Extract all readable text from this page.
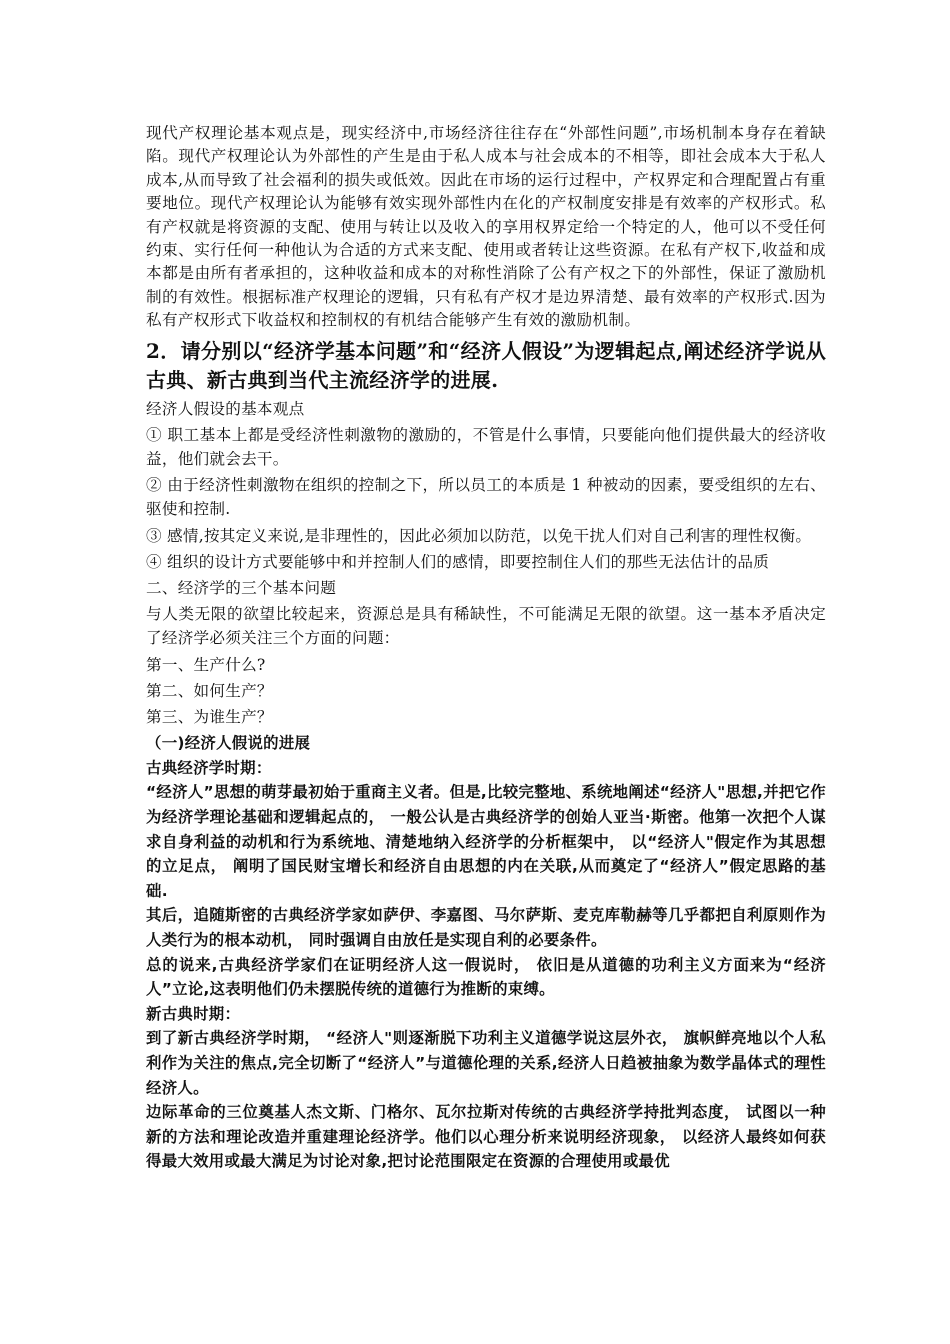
现代产权理论基本观点是，现实经济中,市场经济往往存在“外部性问题”,市场机制本身存在着缺陷。现代产权理论认为外部性的产生是由于私人成本与社会成本的不相等，即社会成本大于私人成本,从而导致了社会福利的损失或低效。因此在市场的运行过程中，产权界定和合理配置占有重要地位。现代产权理论认为能够有效实现外部性内在化的产权制度安排是有效率的产权形式。私有产权就是将资源的支配、使用与转让以及收入的享用权界定给一个特定的人，他可以不受任何约束、实行任何一种他认为合适的方式来支配、使用或者转让这些资源。在私有产权下,收益和成本都是由所有者承担的，这种收益和成本的对称性消除了公有产权之下的外部性，保证了激励机制的有效性。根据标准产权理论的逻辑，只有私有产权才是边界清楚、最有效率的产权形式.因为私有产权形式下收益权和控制权的有机结合能够产生有效的激励机制。

2．请分别以“经济学基本问题”和“经济人假设”为逻辑起点,阐述经济学说从古典、新古典到当代主流经济学的进展.

经济人假设的基本观点

① 职工基本上都是受经济性刺激物的激励的，不管是什么事情，只要能向他们提供最大的经济收益，他们就会去干。

② 由于经济性刺激物在组织的控制之下，所以员工的本质是 1 种被动的因素，要受组织的左右、驱使和控制.

③ 感情,按其定义来说,是非理性的，因此必须加以防范，以免干扰人们对自己利害的理性权衡。

④ 组织的设计方式要能够中和并控制人们的感情，即要控制住人们的那些无法估计的品质

二、经济学的三个基本问题

与人类无限的欲望比较起来，资源总是具有稀缺性，不可能满足无限的欲望。这一基本矛盾决定了经济学必须关注三个方面的问题：

第一、生产什么?

第二、如何生产？

第三、为谁生产？

（一)经济人假说的进展

古典经济学时期：

“经济人”思想的萌芽最初始于重商主义者。但是,比较完整地、系统地阐述“经济人"思想,并把它作为经济学理论基础和逻辑起点的， 一般公认是古典经济学的创始人亚当·斯密。他第一次把个人谋求自身利益的动机和行为系统地、清楚地纳入经济学的分析框架中， 以“经济人"假定作为其思想的立足点， 阐明了国民财宝增长和经济自由思想的内在关联,从而奠定了“经济人”假定思路的基础.

其后，追随斯密的古典经济学家如萨伊、李嘉图、马尔萨斯、麦克库勒赫等几乎都把自利原则作为人类行为的根本动机， 同时强调自由放任是实现自利的必要条件。

总的说来,古典经济学家们在证明经济人这一假说时， 依旧是从道德的功利主义方面来为“经济人”立论,这表明他们仍未摆脱传统的道德行为推断的束缚。

新古典时期：

到了新古典经济学时期， “经济人"则逐渐脱下功利主义道德学说这层外衣， 旗帜鲜亮地以个人私利作为关注的焦点,完全切断了“经济人”与道德伦理的关系,经济人日趋被抽象为数学晶体式的理性经济人。

边际革命的三位奠基人杰文斯、门格尔、瓦尔拉斯对传统的古典经济学持批判态度， 试图以一种新的方法和理论改造并重建理论经济学。他们以心理分析来说明经济现象， 以经济人最终如何获得最大效用或最大满足为讨论对象,把讨论范围限定在资源的合理使用或最优
